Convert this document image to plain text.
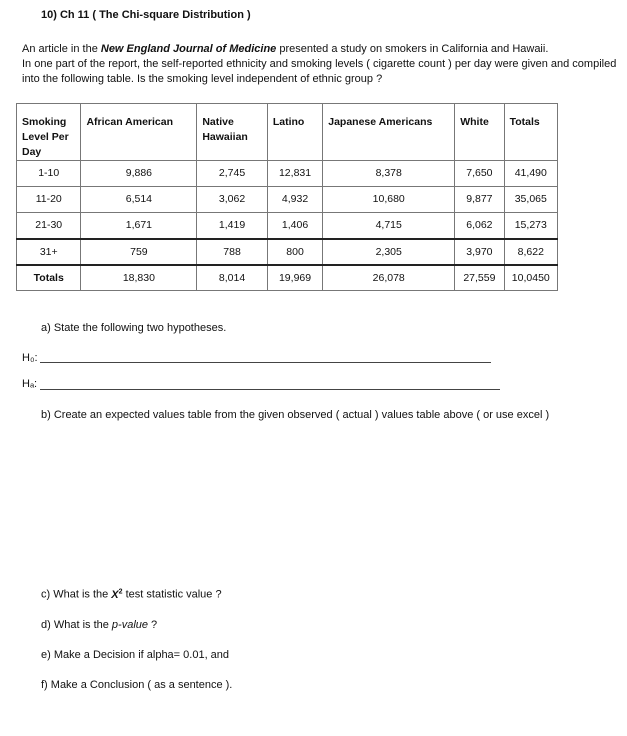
10) Ch 11 ( The Chi-square Distribution )

An article in the New England Journal of Medicine presented a study on smokers in California and Hawaii.

In one part of the report, the self-reported ethnicity and smoking levels ( cigarette count ) per day were given and compiled into the following table. Is the smoking level independent of ethnic group ?

Smoking Level Per Day	African American	Native Hawaiian	Latino	Japanese Americans	White	Totals
1-10	9,886	2,745	12,831	8,378	7,650	41,490
11-20	6,514	3,062	4,932	10,680	9,877	35,065
21-30	1,671	1,419	1,406	4,715	6,062	15,273
31+	759	788	800	2,305	3,970	8,622
Totals	18,830	8,014	19,969	26,078	27,559	10,0450
a) State the following two hypotheses.
H₀:
Hₐ:
b) Create an expected values table from the given observed ( actual ) values table above ( or use excel )
c) What is the $X^2$ test statistic value ?
d) What is the p-value ?
e) Make a Decision if alpha= 0.01, and
f) Make a Conclusion ( as a sentence ).
